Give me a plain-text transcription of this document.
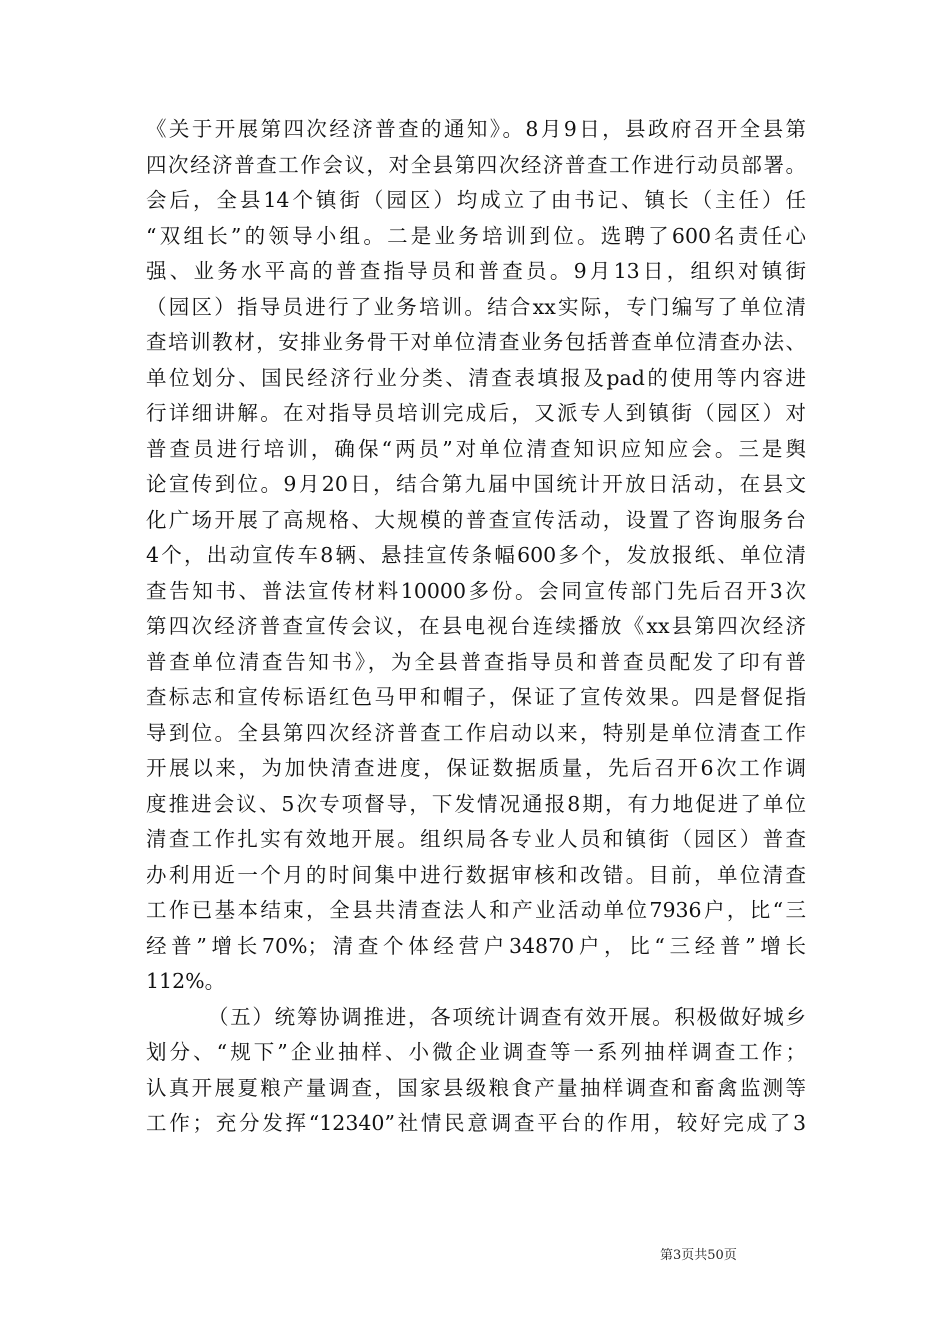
《关于开展第四次经济普查的通知》。8月9日，县政府召开全县第
四次经济普查工作会议，对全县第四次经济普查工作进行动员部署。
会后，全县14个镇街（园区）均成立了由书记、镇长（主任）任
“双组长”的领导小组。二是业务培训到位。选聘了600名责任心
强、业务水平高的普查指导员和普查员。9月13日，组织对镇街
（园区）指导员进行了业务培训。结合xx实际，专门编写了单位清
查培训教材，安排业务骨干对单位清查业务包括普查单位清查办法、
单位划分、国民经济行业分类、清查表填报及pad的使用等内容进
行详细讲解。在对指导员培训完成后，又派专人到镇街（园区）对
普查员进行培训，确保“两员”对单位清查知识应知应会。三是舆
论宣传到位。9月20日，结合第九届中国统计开放日活动，在县文
化广场开展了高规格、大规模的普查宣传活动，设置了咨询服务台
4个，出动宣传车8辆、悬挂宣传条幅600多个，发放报纸、单位清
查告知书、普法宣传材料10000多份。会同宣传部门先后召开3次
第四次经济普查宣传会议，在县电视台连续播放《xx县第四次经济
普查单位清查告知书》，为全县普查指导员和普查员配发了印有普
查标志和宣传标语红色马甲和帽子，保证了宣传效果。四是督促指
导到位。全县第四次经济普查工作启动以来，特别是单位清查工作
开展以来，为加快清查进度，保证数据质量，先后召开6次工作调
度推进会议、5次专项督导，下发情况通报8期，有力地促进了单位
清查工作扎实有效地开展。组织局各专业人员和镇街（园区）普查
办利用近一个月的时间集中进行数据审核和改错。目前，单位清查
工作已基本结束，全县共清查法人和产业活动单位7936户，比“三
经普”增长70%；清查个体经营户34870户，比“三经普”增长
112%。
（五）统筹协调推进，各项统计调查有效开展。积极做好城乡
划分、“规下”企业抽样、小微企业调查等一系列抽样调查工作；
认真开展夏粮产量调查，国家县级粮食产量抽样调查和畜禽监测等
工作；充分发挥“12340”社情民意调查平台的作用，较好完成了3
第3页共50页
